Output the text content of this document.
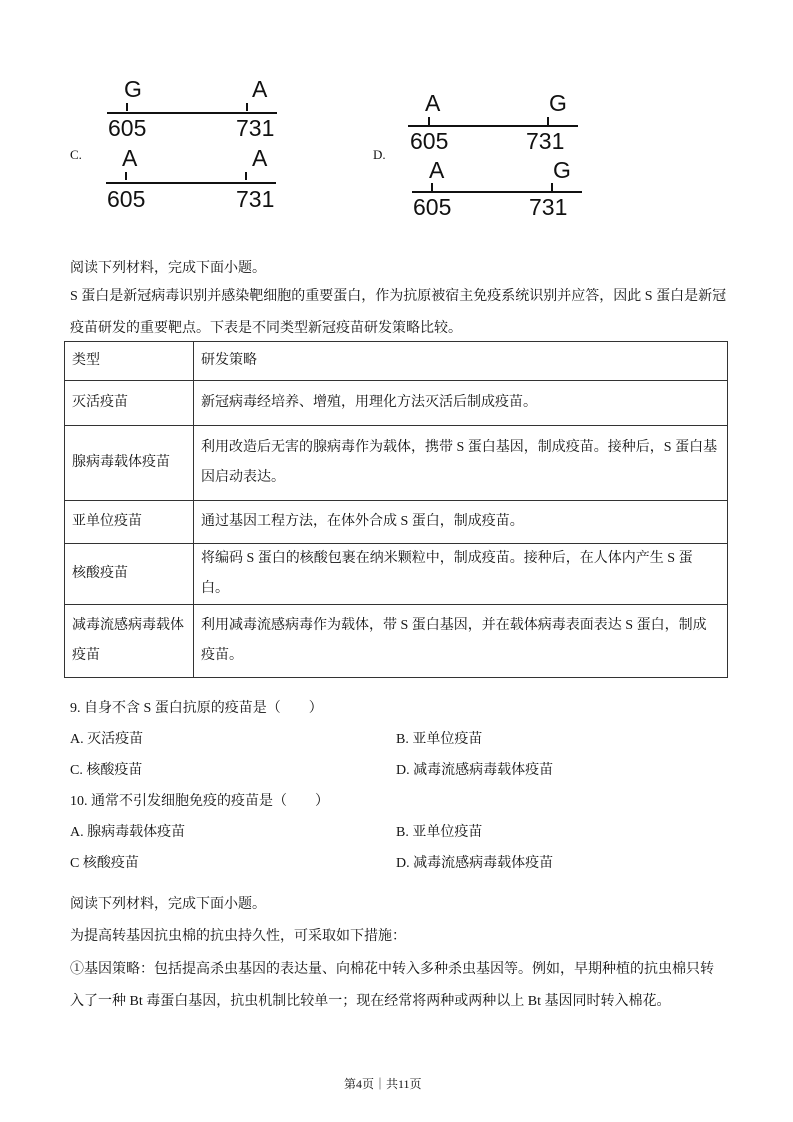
C.
G	A
605	731
A	A
605	731
D.
A	G
605	731
A	G
605	731
阅读下列材料，完成下面小题。
S 蛋白是新冠病毒识别并感染靶细胞的重要蛋白，作为抗原被宿主免疫系统识别并应答，因此 S 蛋白是新冠
疫苗研发的重要靶点。下表是不同类型新冠疫苗研发策略比较。
类型	研发策略
灭活疫苗	新冠病毒经培养、增殖，用理化方法灭活后制成疫苗。
腺病毒载体疫苗	利用改造后无害的腺病毒作为载体，携带 S 蛋白基因，制成疫苗。接种后，S 蛋白基因启动表达。
亚单位疫苗	通过基因工程方法，在体外合成 S 蛋白，制成疫苗。
核酸疫苗	将编码 S 蛋白的核酸包裹在纳米颗粒中，制成疫苗。接种后，在人体内产生 S 蛋白。
减毒流感病毒载体疫苗	利用减毒流感病毒作为载体，带 S 蛋白基因，并在载体病毒表面表达 S 蛋白，制成疫苗。
9. 自身不含 S 蛋白抗原的疫苗是（　　）
A. 灭活疫苗	B. 亚单位疫苗
C. 核酸疫苗	D. 减毒流感病毒载体疫苗
10. 通常不引发细胞免疫的疫苗是（　　）
A. 腺病毒载体疫苗	B. 亚单位疫苗
C 核酸疫苗	D. 减毒流感病毒载体疫苗
阅读下列材料，完成下面小题。
为提高转基因抗虫棉的抗虫持久性，可采取如下措施：
①基因策略：包括提高杀虫基因的表达量、向棉花中转入多种杀虫基因等。例如，早期种植的抗虫棉只转
入了一种 Bt 毒蛋白基因，抗虫机制比较单一；现在经常将两种或两种以上 Bt 基因同时转入棉花。
第4页｜共11页
